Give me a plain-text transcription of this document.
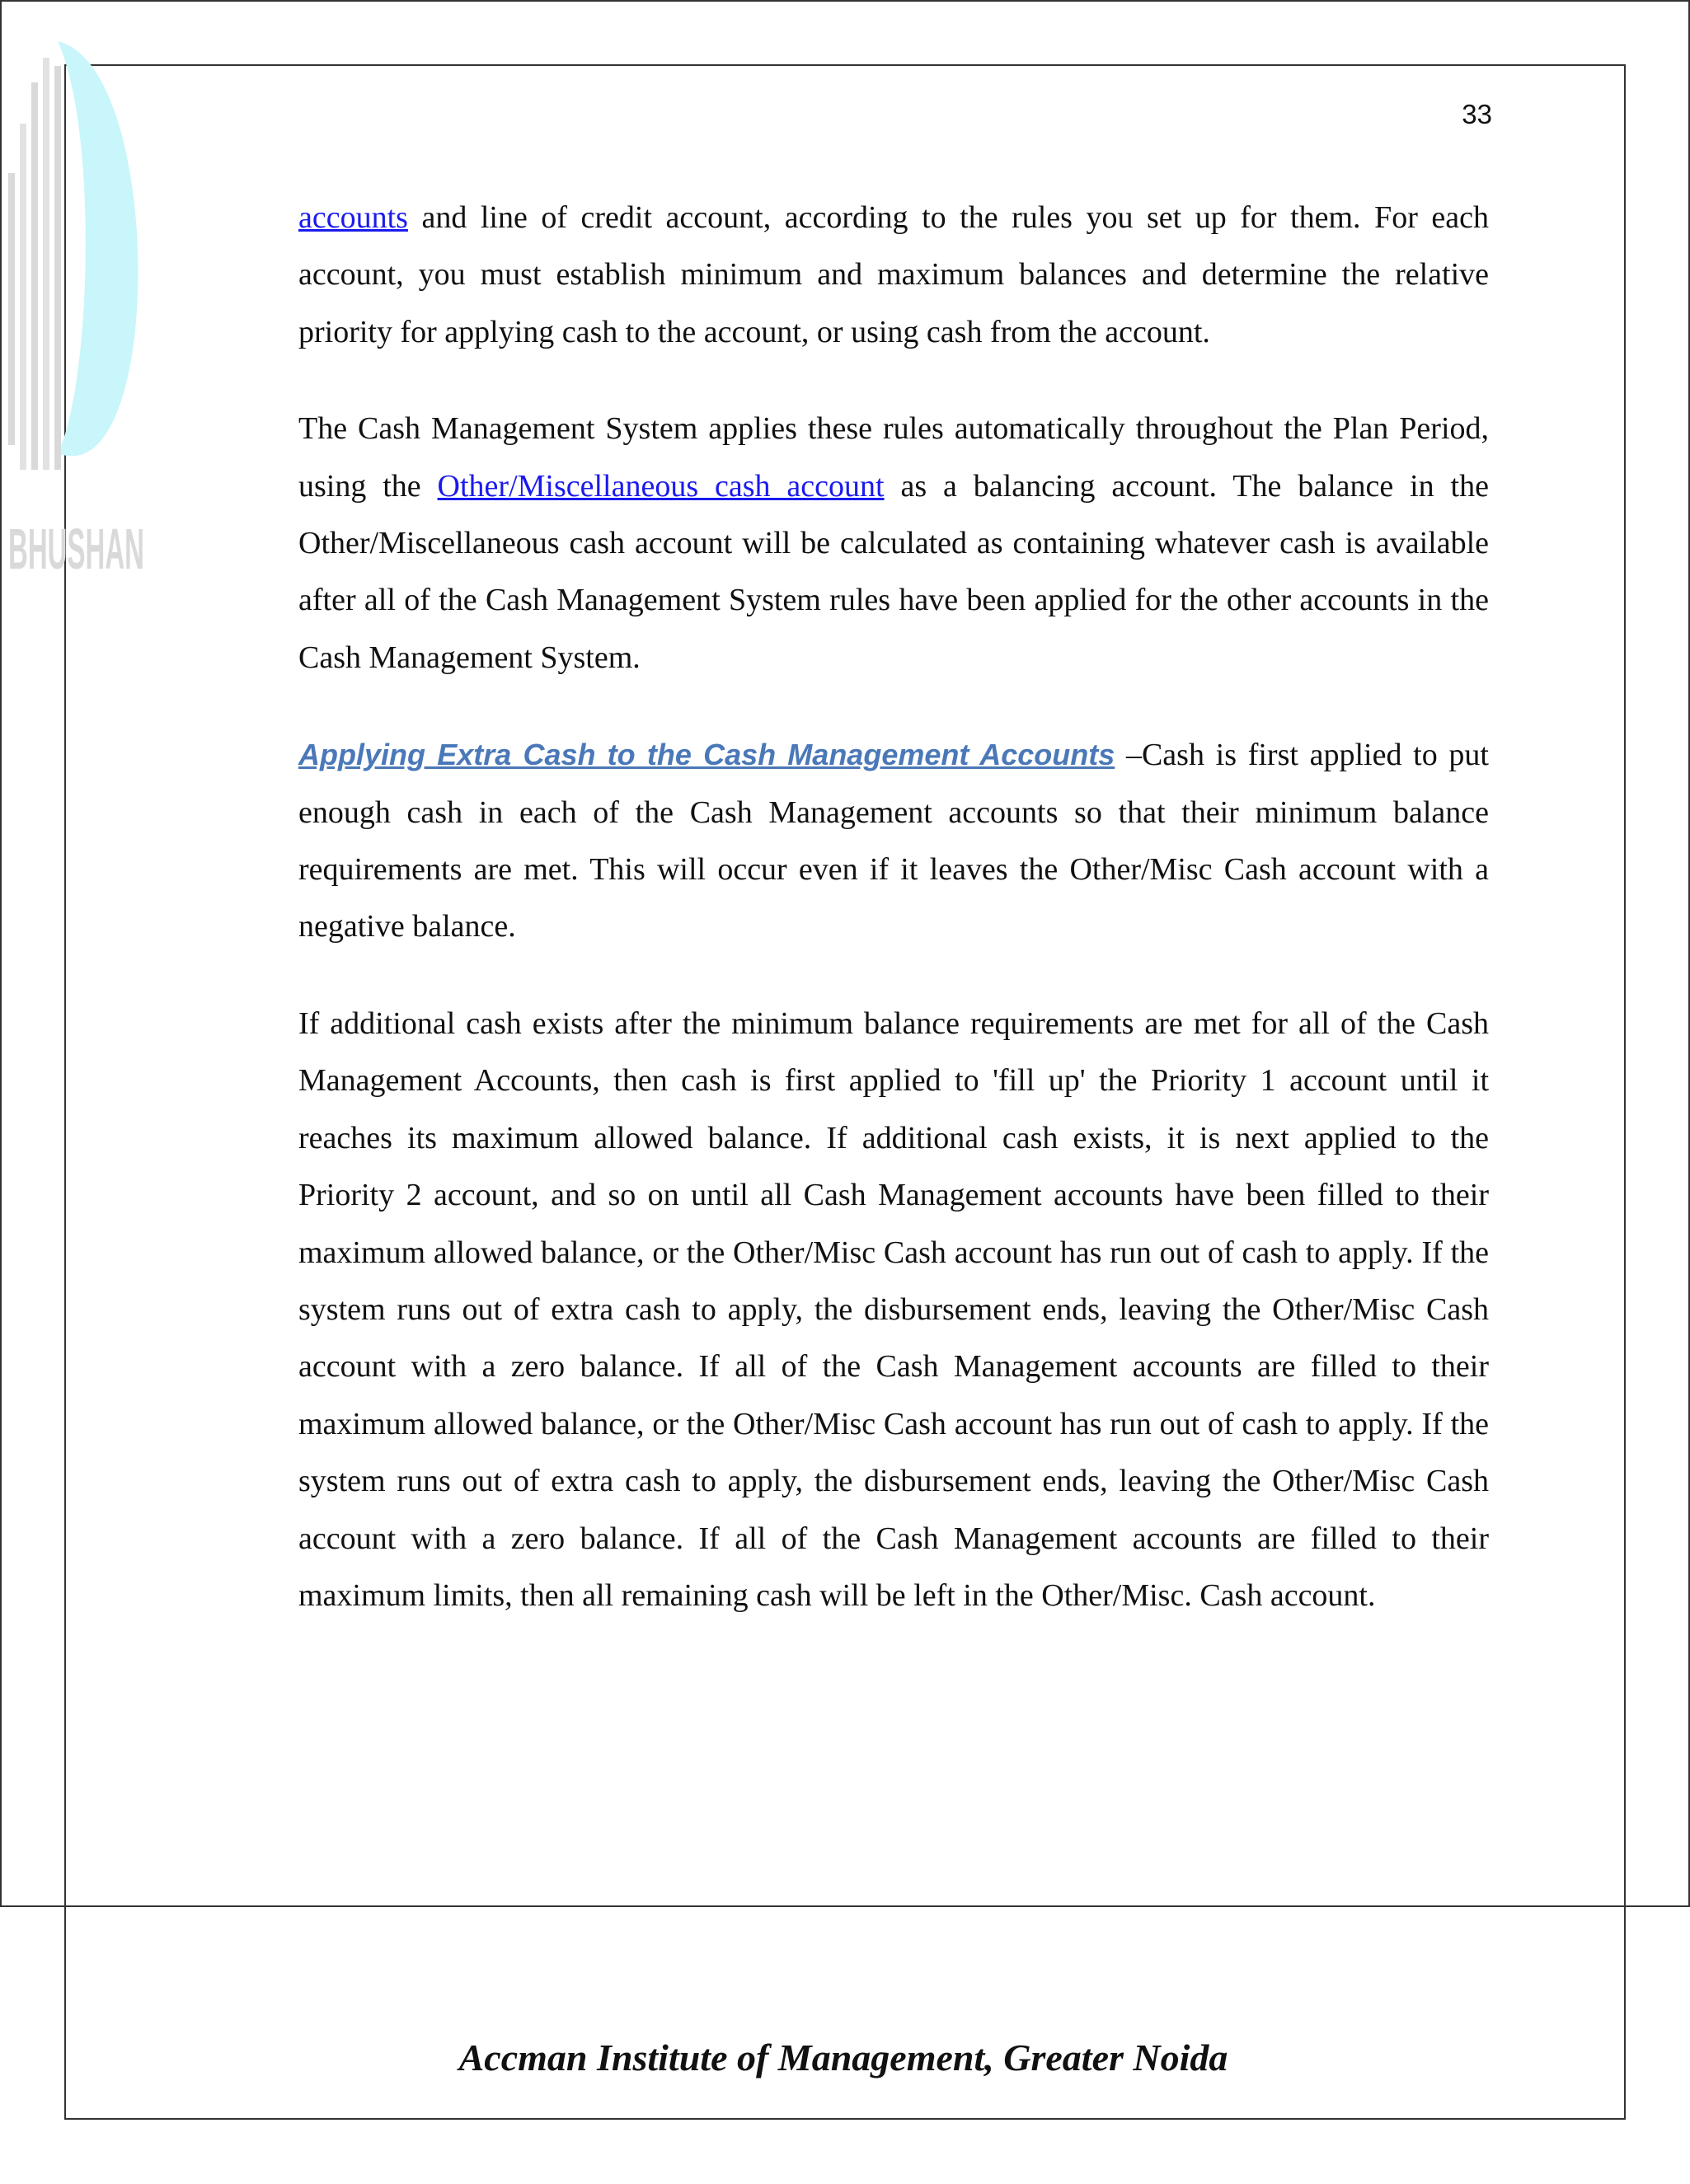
BHUSHAN
33

accounts and line of credit account, according to the rules you set up for them. For each account, you must establish minimum and maximum balances and determine the relative priority for applying cash to the account, or using cash from the account.

The Cash Management System applies these rules automatically throughout the Plan Period, using the Other/Miscellaneous cash account as a balancing account. The balance in the Other/Miscellaneous cash account will be calculated as containing whatever cash is available after all of the Cash Management System rules have been applied for the other accounts in the Cash Management System.

Applying Extra Cash to the Cash Management Accounts –Cash is first applied to put enough cash in each of the Cash Management accounts so that their minimum balance requirements are met. This will occur even if it leaves the Other/Misc Cash account with a negative balance.

If additional cash exists after the minimum balance requirements are met for all of the Cash Management Accounts, then cash is first applied to 'fill up' the Priority 1 account until it reaches its maximum allowed balance. If additional cash exists, it is next applied to the Priority 2 account, and so on until all Cash Management accounts have been filled to their maximum allowed balance, or the Other/Misc Cash account has run out of cash to apply. If the system runs out of extra cash to apply, the disbursement ends, leaving the Other/Misc Cash account with a zero balance. If all of the Cash Management accounts are filled to their maximum allowed balance, or the Other/Misc Cash account has run out of cash to apply. If the system runs out of extra cash to apply, the disbursement ends, leaving the Other/Misc Cash account with a zero balance. If all of the Cash Management accounts are filled to their maximum limits, then all remaining cash will be left in the Other/Misc. Cash account.

Accman Institute of Management, Greater Noida
